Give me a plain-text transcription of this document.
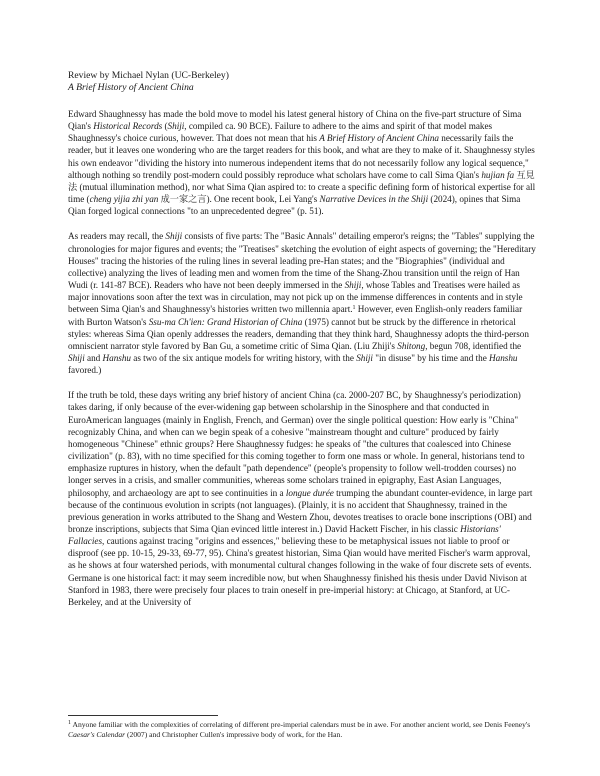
Review by Michael Nylan (UC-Berkeley)
A Brief History of Ancient China

Edward Shaughnessy has made the bold move to model his latest general history of China on the five-part structure of Sima Qian's Historical Records (Shiji, compiled ca. 90 BCE). Failure to adhere to the aims and spirit of that model makes Shaughnessy's choice curious, however. That does not mean that his A Brief History of Ancient China necessarily fails the reader, but it leaves one wondering who are the target readers for this book, and what are they to make of it. Shaughnessy styles his own endeavor "dividing the history into numerous independent items that do not necessarily follow any logical sequence," although nothing so trendily post-modern could possibly reproduce what scholars have come to call Sima Qian's hujian fa 互見法 (mutual illumination method), nor what Sima Qian aspired to: to create a specific defining form of historical expertise for all time (cheng yijia zhi yan 成一家之言). One recent book, Lei Yang's Narrative Devices in the Shiji (2024), opines that Sima Qian forged logical connections "to an unprecedented degree" (p. 51).

As readers may recall, the Shiji consists of five parts: The "Basic Annals" detailing emperor's reigns; the "Tables" supplying the chronologies for major figures and events; the "Treatises" sketching the evolution of eight aspects of governing; the "Hereditary Houses" tracing the histories of the ruling lines in several leading pre-Han states; and the "Biographies" (individual and collective) analyzing the lives of leading men and women from the time of the Shang-Zhou transition until the reign of Han Wudi (r. 141-87 BCE). Readers who have not been deeply immersed in the Shiji, whose Tables and Treatises were hailed as major innovations soon after the text was in circulation, may not pick up on the immense differences in contents and in style between Sima Qian's and Shaughnessy's histories written two millennia apart.$^1$ However, even English-only readers familiar with Burton Watson's Ssu-ma Ch'ien: Grand Historian of China (1975) cannot but be struck by the difference in rhetorical styles: whereas Sima Qian openly addresses the readers, demanding that they think hard, Shaughnessy adopts the third-person omniscient narrator style favored by Ban Gu, a sometime critic of Sima Qian. (Liu Zhiji's Shitong, begun 708, identified the Shiji and Hanshu as two of the six antique models for writing history, with the Shiji "in disuse" by his time and the Hanshu favored.)

If the truth be told, these days writing any brief history of ancient China (ca. 2000-207 BC, by Shaughnessy's periodization) takes daring, if only because of the ever-widening gap between scholarship in the Sinosphere and that conducted in EuroAmerican languages (mainly in English, French, and German) over the single political question: How early is "China" recognizably China, and when can we begin speak of a cohesive "mainstream thought and culture" produced by fairly homogeneous "Chinese" ethnic groups? Here Shaughnessy fudges: he speaks of "the cultures that coalesced into Chinese civilization" (p. 83), with no time specified for this coming together to form one mass or whole. In general, historians tend to emphasize ruptures in history, when the default "path dependence" (people's propensity to follow well-trodden courses) no longer serves in a crisis, and smaller communities, whereas some scholars trained in epigraphy, East Asian Languages, philosophy, and archaeology are apt to see continuities in a longue durée trumping the abundant counter-evidence, in large part because of the continuous evolution in scripts (not languages). (Plainly, it is no accident that Shaughnessy, trained in the previous generation in works attributed to the Shang and Western Zhou, devotes treatises to oracle bone inscriptions (OBI) and bronze inscriptions, subjects that Sima Qian evinced little interest in.) David Hackett Fischer, in his classic Historians' Fallacies, cautions against tracing "origins and essences," believing these to be metaphysical issues not liable to proof or disproof (see pp. 10-15, 29-33, 69-77, 95). China's greatest historian, Sima Qian would have merited Fischer's warm approval, as he shows at four watershed periods, with monumental cultural changes following in the wake of four discrete sets of events. Germane is one historical fact: it may seem incredible now, but when Shaughnessy finished his thesis under David Nivison at Stanford in 1983, there were precisely four places to train oneself in pre-imperial history: at Chicago, at Stanford, at UC-Berkeley, and at the University of

$^1$ Anyone familiar with the complexities of correlating of different pre-imperial calendars must be in awe. For another ancient world, see Denis Feeney's Caesar's Calendar (2007) and Christopher Cullen's impressive body of work, for the Han.
